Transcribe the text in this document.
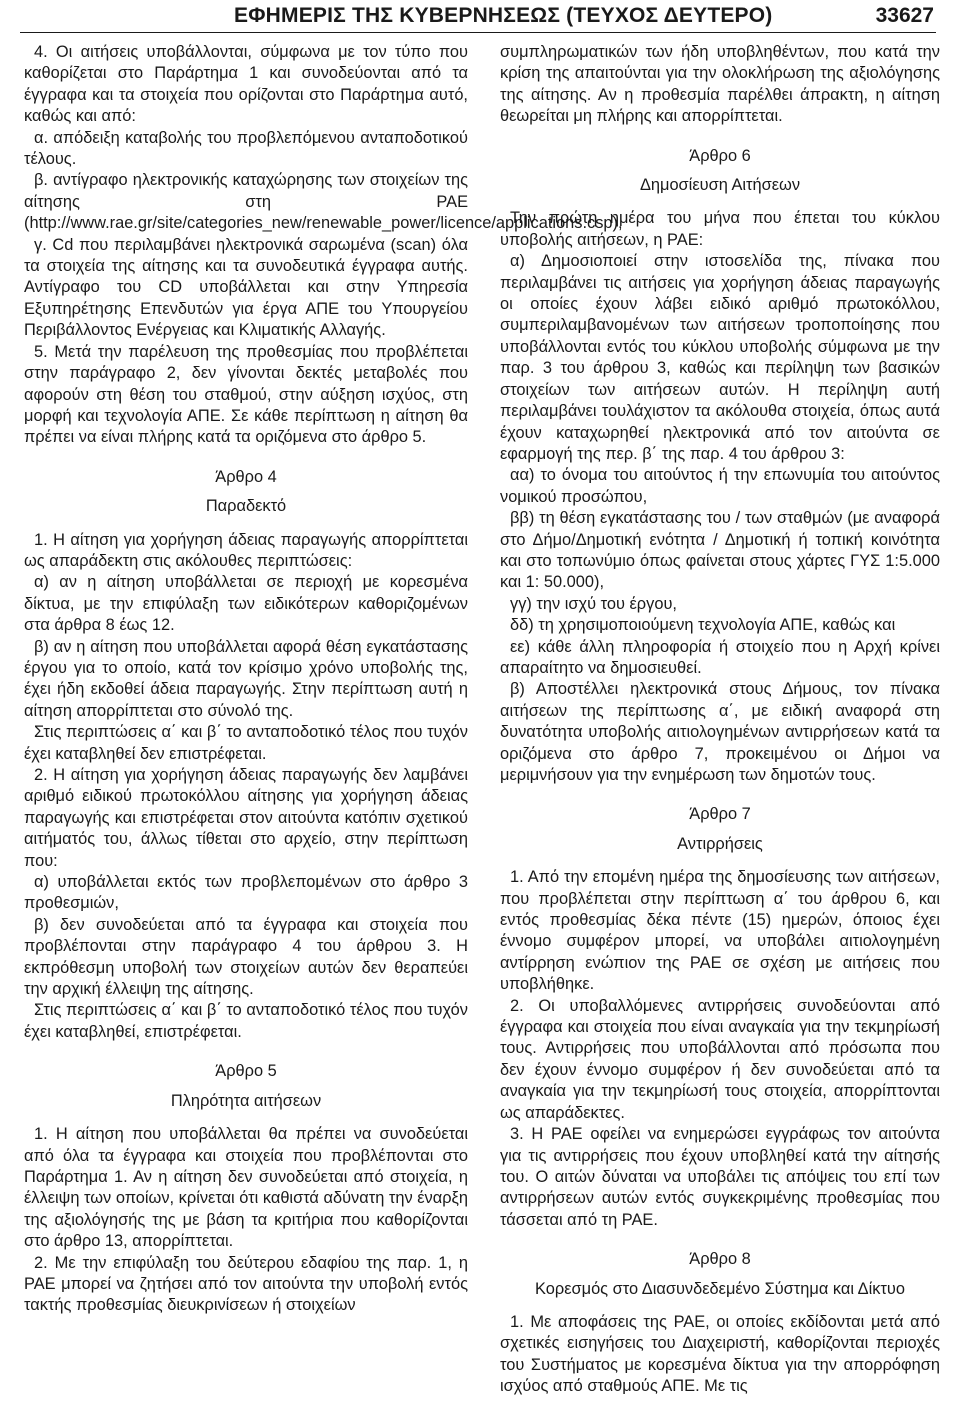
ΕΦΗΜΕΡΙΣ ΤΗΣ ΚΥΒΕΡΝΗΣΕΩΣ (ΤΕΥΧΟΣ ΔΕΥΤΕΡΟ)	33627

4. Οι αιτήσεις υποβάλλονται, σύμφωνα με τον τύπο που καθορίζεται στο Παράρτημα 1 και συνοδεύονται από τα έγγραφα και τα στοιχεία που ορίζονται στο Παράρτημα αυτό, καθώς και από:

α. απόδειξη καταβολής του προβλεπόμενου ανταποδοτικού τέλους.

β. αντίγραφο ηλεκτρονικής καταχώρησης των στοιχείων της αίτησης στη ΡΑΕ (http://www.rae.gr/site/categories_new/renewable_power/licence/applications.csp),

γ. Cd που περιλαμβάνει ηλεκτρονικά σαρωμένα (scan) όλα τα στοιχεία της αίτησης και τα συνοδευτικά έγγραφα αυτής. Αντίγραφο του CD υποβάλλεται και στην Υπηρεσία Εξυπηρέτησης Επενδυτών για έργα ΑΠΕ του Υπουργείου Περιβάλλοντος Ενέργειας και Κλιματικής Αλλαγής.

5. Μετά την παρέλευση της προθεσμίας που προβλέπεται στην παράγραφο 2, δεν γίνονται δεκτές μεταβολές που αφορούν στη θέση του σταθμού, στην αύξηση ισχύος, στη μορφή και τεχνολογία ΑΠΕ. Σε κάθε περίπτωση η αίτηση θα πρέπει να είναι πλήρης κατά τα οριζόμενα στο άρθρο 5.

Άρθρο 4
Παραδεκτό

1. Η αίτηση για χορήγηση άδειας παραγωγής απορρίπτεται ως απαράδεκτη στις ακόλουθες περιπτώσεις:

α) αν η αίτηση υποβάλλεται σε περιοχή με κορεσμένα δίκτυα, με την επιφύλαξη των ειδικότερων καθοριζομένων στα άρθρα 8 έως 12.

β) αν η αίτηση που υποβάλλεται αφορά θέση εγκατάστασης έργου για το οποίο, κατά τον κρίσιμο χρόνο υποβολής της, έχει ήδη εκδοθεί άδεια παραγωγής. Στην περίπτωση αυτή η αίτηση απορρίπτεται στο σύνολό της.

Στις περιπτώσεις α΄ και β΄ το ανταποδοτικό τέλος που τυχόν έχει καταβληθεί δεν επιστρέφεται.

2. Η αίτηση για χορήγηση άδειας παραγωγής δεν λαμβάνει αριθμό ειδικού πρωτοκόλλου αίτησης για χορήγηση άδειας παραγωγής και επιστρέφεται στον αιτούντα κατόπιν σχετικού αιτήματός του, άλλως τίθεται στο αρχείο, στην περίπτωση που:

α) υποβάλλεται εκτός των προβλεπομένων στο άρθρο 3 προθεσμιών,

β) δεν συνοδεύεται από τα έγγραφα και στοιχεία που προβλέπονται στην παράγραφο 4 του άρθρου 3. Η εκπρόθεσμη υποβολή των στοιχείων αυτών δεν θεραπεύει την αρχική έλλειψη της αίτησης.

Στις περιπτώσεις α΄ και β΄ το ανταποδοτικό τέλος που τυχόν έχει καταβληθεί, επιστρέφεται.

Άρθρο 5
Πληρότητα αιτήσεων

1. Η αίτηση που υποβάλλεται θα πρέπει να συνοδεύεται από όλα τα έγγραφα και στοιχεία που προβλέπονται στο Παράρτημα 1. Αν η αίτηση δεν συνοδεύεται από στοιχεία, η έλλειψη των οποίων, κρίνεται ότι καθιστά αδύνατη την έναρξη της αξιολόγησής της με βάση τα κριτήρια που καθορίζονται στο άρθρο 13, απορρίπτεται.

2. Με την επιφύλαξη του δεύτερου εδαφίου της παρ. 1, η ΡΑΕ μπορεί να ζητήσει από τον αιτούντα την υποβολή εντός τακτής προθεσμίας διευκρινίσεων ή στοιχείων

συμπληρωματικών των ήδη υποβληθέντων, που κατά την κρίση της απαιτούνται για την ολοκλήρωση της αξιολόγησης της αίτησης. Αν η προθεσμία παρέλθει άπρακτη, η αίτηση θεωρείται μη πλήρης και απορρίπτεται.

Άρθρο 6
Δημοσίευση Αιτήσεων

Την πρώτη ημέρα του μήνα που έπεται του κύκλου υποβολής αιτήσεων, η ΡΑΕ:

α) Δημοσιοποιεί στην ιστοσελίδα της, πίνακα που περιλαμβάνει τις αιτήσεις για χορήγηση άδειας παραγωγής οι οποίες έχουν λάβει ειδικό αριθμό πρωτοκόλλου, συμπεριλαμβανομένων των αιτήσεων τροποποίησης που υποβάλλονται εντός του κύκλου υποβολής σύμφωνα με την παρ. 3 του άρθρου 3, καθώς και περίληψη των βασικών στοιχείων των αιτήσεων αυτών. Η περίληψη αυτή περιλαμβάνει τουλάχιστον τα ακόλουθα στοιχεία, όπως αυτά έχουν καταχωρηθεί ηλεκτρονικά από τον αιτούντα σε εφαρμογή της περ. β΄ της παρ. 4 του άρθρου 3:

αα) το όνομα του αιτούντος ή την επωνυμία του αιτούντος νομικού προσώπου,

ββ) τη θέση εγκατάστασης του / των σταθμών (με αναφορά στο Δήμο/Δημοτική ενότητα / Δημοτική ή τοπική κοινότητα και στο τοπωνύμιο όπως φαίνεται στους χάρτες ΓΥΣ 1:5.000 και 1: 50.000),

γγ) την ισχύ του έργου,

δδ) τη χρησιμοποιούμενη τεχνολογία ΑΠΕ, καθώς και

εε) κάθε άλλη πληροφορία ή στοιχείο που η Αρχή κρίνει απαραίτητο να δημοσιευθεί.

β) Αποστέλλει ηλεκτρονικά στους Δήμους, τον πίνακα αιτήσεων της περίπτωσης α΄, με ειδική αναφορά στη δυνατότητα υποβολής αιτιολογημένων αντιρρήσεων κατά τα οριζόμενα στο άρθρο 7, προκειμένου οι Δήμοι να μεριμνήσουν για την ενημέρωση των δημοτών τους.

Άρθρο 7
Αντιρρήσεις

1. Από την επομένη ημέρα της δημοσίευσης των αιτήσεων, που προβλέπεται στην περίπτωση α΄ του άρθρου 6, και εντός προθεσμίας δέκα πέντε (15) ημερών, όποιος έχει έννομο συμφέρον μπορεί, να υποβάλει αιτιολογημένη αντίρρηση ενώπιον της ΡΑΕ σε σχέση με αιτήσεις που υποβλήθηκε.

2. Οι υποβαλλόμενες αντιρρήσεις συνοδεύονται από έγγραφα και στοιχεία που είναι αναγκαία για την τεκμηρίωσή τους. Αντιρρήσεις που υποβάλλονται από πρόσωπα που δεν έχουν έννομο συμφέρον ή δεν συνοδεύεται από τα αναγκαία για την τεκμηρίωσή τους στοιχεία, απορρίπτονται ως απαράδεκτες.

3. Η ΡΑΕ οφείλει να ενημερώσει εγγράφως τον αιτούντα για τις αντιρρήσεις που έχουν υποβληθεί κατά την αίτησής του. Ο αιτών δύναται να υποβάλει τις απόψεις του επί των αντιρρήσεων αυτών εντός συγκεκριμένης προθεσμίας που τάσσεται από τη ΡΑΕ.

Άρθρο 8
Κορεσμός στο Διασυνδεδεμένο Σύστημα και Δίκτυο

1. Με αποφάσεις της ΡΑΕ, οι οποίες εκδίδονται μετά από σχετικές εισηγήσεις του Διαχειριστή, καθορίζονται περιοχές του Συστήματος με κορεσμένα δίκτυα για την απορρόφηση ισχύος από σταθμούς ΑΠΕ. Με τις
